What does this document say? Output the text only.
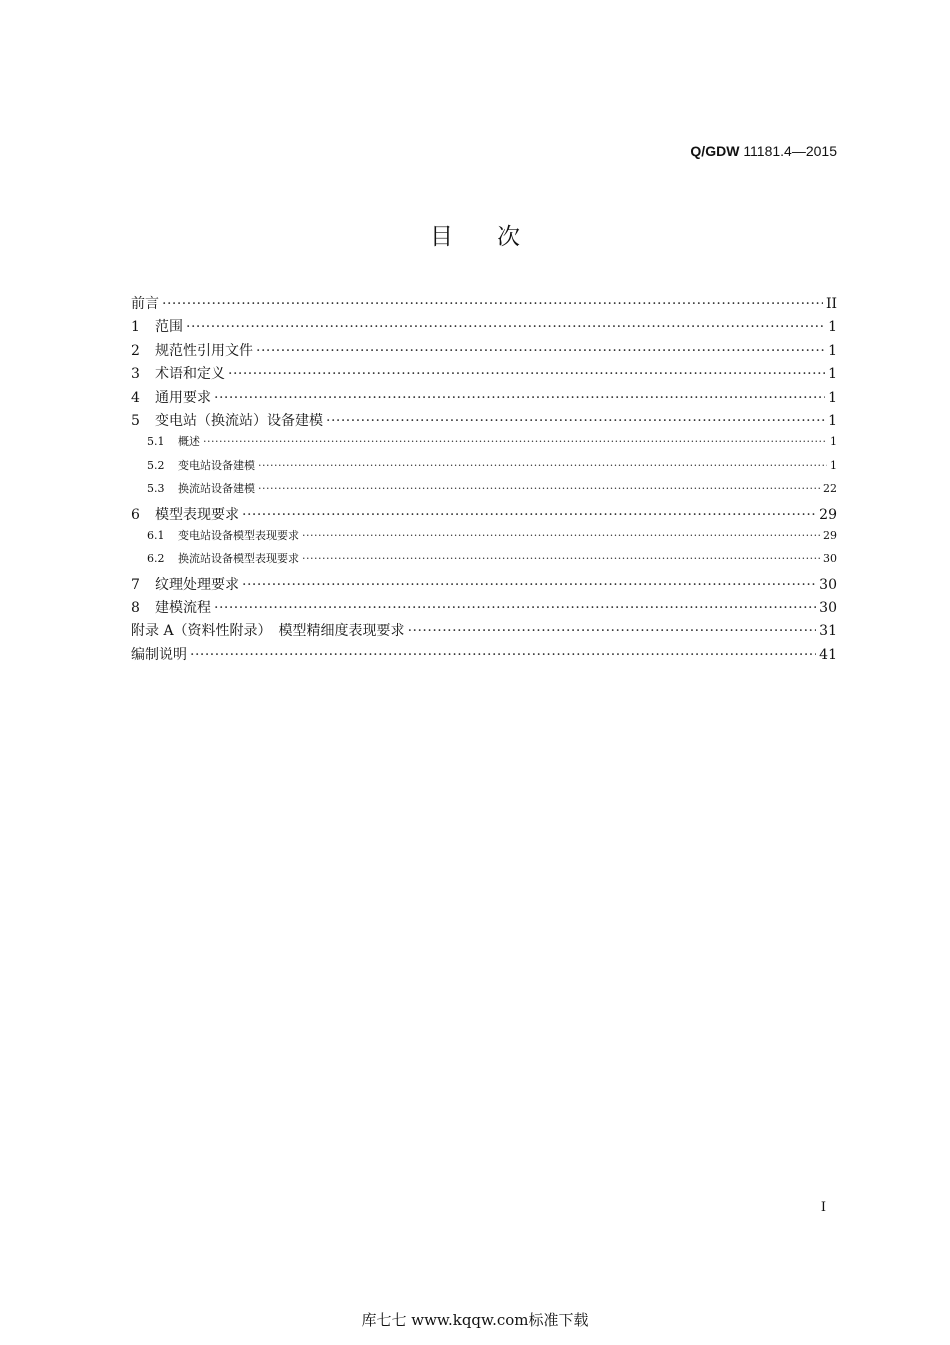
Q/GDW 11181.4—2015
目次
前言 ·····	II
1	范围 ·····	1
2	规范性引用文件 ·····	1
3	术语和定义 ·····	1
4	通用要求 ·····	1
5	变电站（换流站）设备建模 ·····	1
5.1	概述 ·····	1
5.2	变电站设备建模 ·····	1
5.3	换流站设备建模 ·····	22
6	模型表现要求 ·····	29
6.1	变电站设备模型表现要求 ·····	29
6.2	换流站设备模型表现要求 ·····	30
7	纹理处理要求 ·····	30
8	建模流程 ·····	30
附录 A（资料性附录）　模型精细度表现要求 ·····	31
编制说明 ·····	41
I
库七七 www.kqqw.com标准下载
